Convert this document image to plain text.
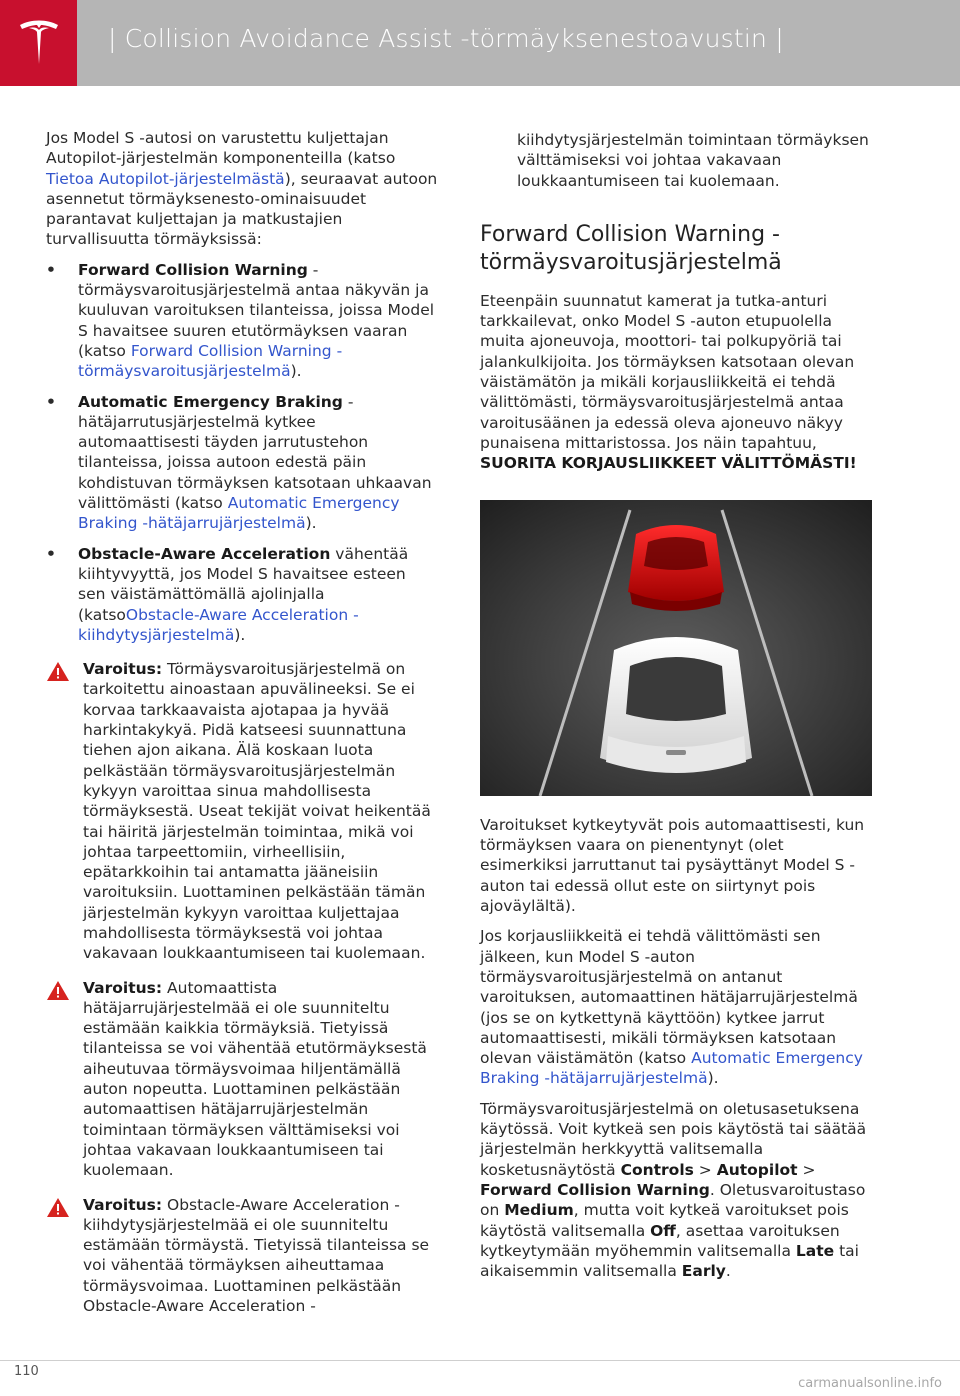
| Collision Avoidance Assist -törmäyksenestoavustin |

Jos Model S -autosi on varustettu kuljettajan Autopilot-järjestelmän komponenteilla (katso Tietoa Autopilot-järjestelmästä), seuraavat autoon asennetut törmäyksenesto-ominaisuudet parantavat kuljettajan ja matkustajien turvallisuutta törmäyksissä:

• Forward Collision Warning - törmäysvaroitusjärjestelmä antaa näkyvän ja kuuluvan varoituksen tilanteissa, joissa Model S havaitsee suuren etutörmäyksen vaaran (katso Forward Collision Warning -törmäysvaroitusjärjestelmä).
• Automatic Emergency Braking - hätäjarrutusjärjestelmä kytkee automaattisesti täyden jarrutustehon tilanteissa, joissa autoon edestä päin kohdistuvan törmäyksen katsotaan uhkaavan välittömästi (katso Automatic Emergency Braking -hätäjarrujärjestelmä).
• Obstacle-Aware Acceleration vähentää kiihtyvyyttä, jos Model S havaitsee esteen sen väistämättömällä ajolinjalla (katsoObstacle-Aware Acceleration -kiihdytysjärjestelmä).
Varoitus: Törmäysvaroitusjärjestelmä on tarkoitettu ainoastaan apuvälineeksi. Se ei korvaa tarkkaavaista ajotapaa ja hyvää harkintakykyä. Pidä katseesi suunnattuna tiehen ajon aikana. Älä koskaan luota pelkästään törmäysvaroitusjärjestelmän kykyyn varoittaa sinua mahdollisesta törmäyksestä. Useat tekijät voivat heikentää tai häiritä järjestelmän toimintaa, mikä voi johtaa tarpeettomiin, virheellisiin, epätarkkoihin tai antamatta jääneisiin varoituksiin. Luottaminen pelkästään tämän järjestelmän kykyyn varoittaa kuljettajaa mahdollisesta törmäyksestä voi johtaa vakavaan loukkaantumiseen tai kuolemaan.
Varoitus: Automaattista hätäjarrujärjestelmää ei ole suunniteltu estämään kaikkia törmäyksiä. Tietyissä tilanteissa se voi vähentää etutörmäyksestä aiheutuvaa törmäysvoimaa hiljentämällä auton nopeutta. Luottaminen pelkästään automaattisen hätäjarrujärjestelmän toimintaan törmäyksen välttämiseksi voi johtaa vakavaan loukkaantumiseen tai kuolemaan.
Varoitus: Obstacle-Aware Acceleration -kiihdytysjärjestelmää ei ole suunniteltu estämään törmäystä. Tietyissä tilanteissa se voi vähentää törmäyksen aiheuttamaa törmäysvoimaa. Luottaminen pelkästään Obstacle-Aware Acceleration -

kiihdytysjärjestelmän toimintaan törmäyksen välttämiseksi voi johtaa vakavaan loukkaantumiseen tai kuolemaan.

Forward Collision Warning -törmäysvaroitusjärjestelmä

Eteenpäin suunnatut kamerat ja tutka-anturi tarkkailevat, onko Model S -auton etupuolella muita ajoneuvoja, moottori- tai polkupyöriä tai jalankulkijoita. Jos törmäyksen katsotaan olevan väistämätön ja mikäli korjausliikkeitä ei tehdä välittömästi, törmäysvaroitusjärjestelmä antaa varoitusäänen ja edessä oleva ajoneuvo näkyy punaisena mittaristossa. Jos näin tapahtuu, SUORITA KORJAUSLIIKKEET VÄLITTÖMÄSTI!

Varoitukset kytkeytyvät pois automaattisesti, kun törmäyksen vaara on pienentynyt (olet esimerkiksi jarruttanut tai pysäyttänyt Model S -auton tai edessä ollut este on siirtynyt pois ajoväylältä).

Jos korjausliikkeitä ei tehdä välittömästi sen jälkeen, kun Model S -auton törmäysvaroitusjärjestelmä on antanut varoituksen, automaattinen hätäjarrujärjestelmä (jos se on kytkettynä käyttöön) kytkee jarrut automaattisesti, mikäli törmäyksen katsotaan olevan väistämätön (katso Automatic Emergency Braking -hätäjarrujärjestelmä).

Törmäysvaroitusjärjestelmä on oletusasetuksena käytössä. Voit kytkeä sen pois käytöstä tai säätää järjestelmän herkkyyttä valitsemalla kosketusnäytöstä Controls > Autopilot > Forward Collision Warning. Oletusvaroitustaso on Medium, mutta voit kytkeä varoitukset pois käytöstä valitsemalla Off, asettaa varoituksen kytkeytymään myöhemmin valitsemalla Late tai aikaisemmin valitsemalla Early.

110
carmanualsonline.info
